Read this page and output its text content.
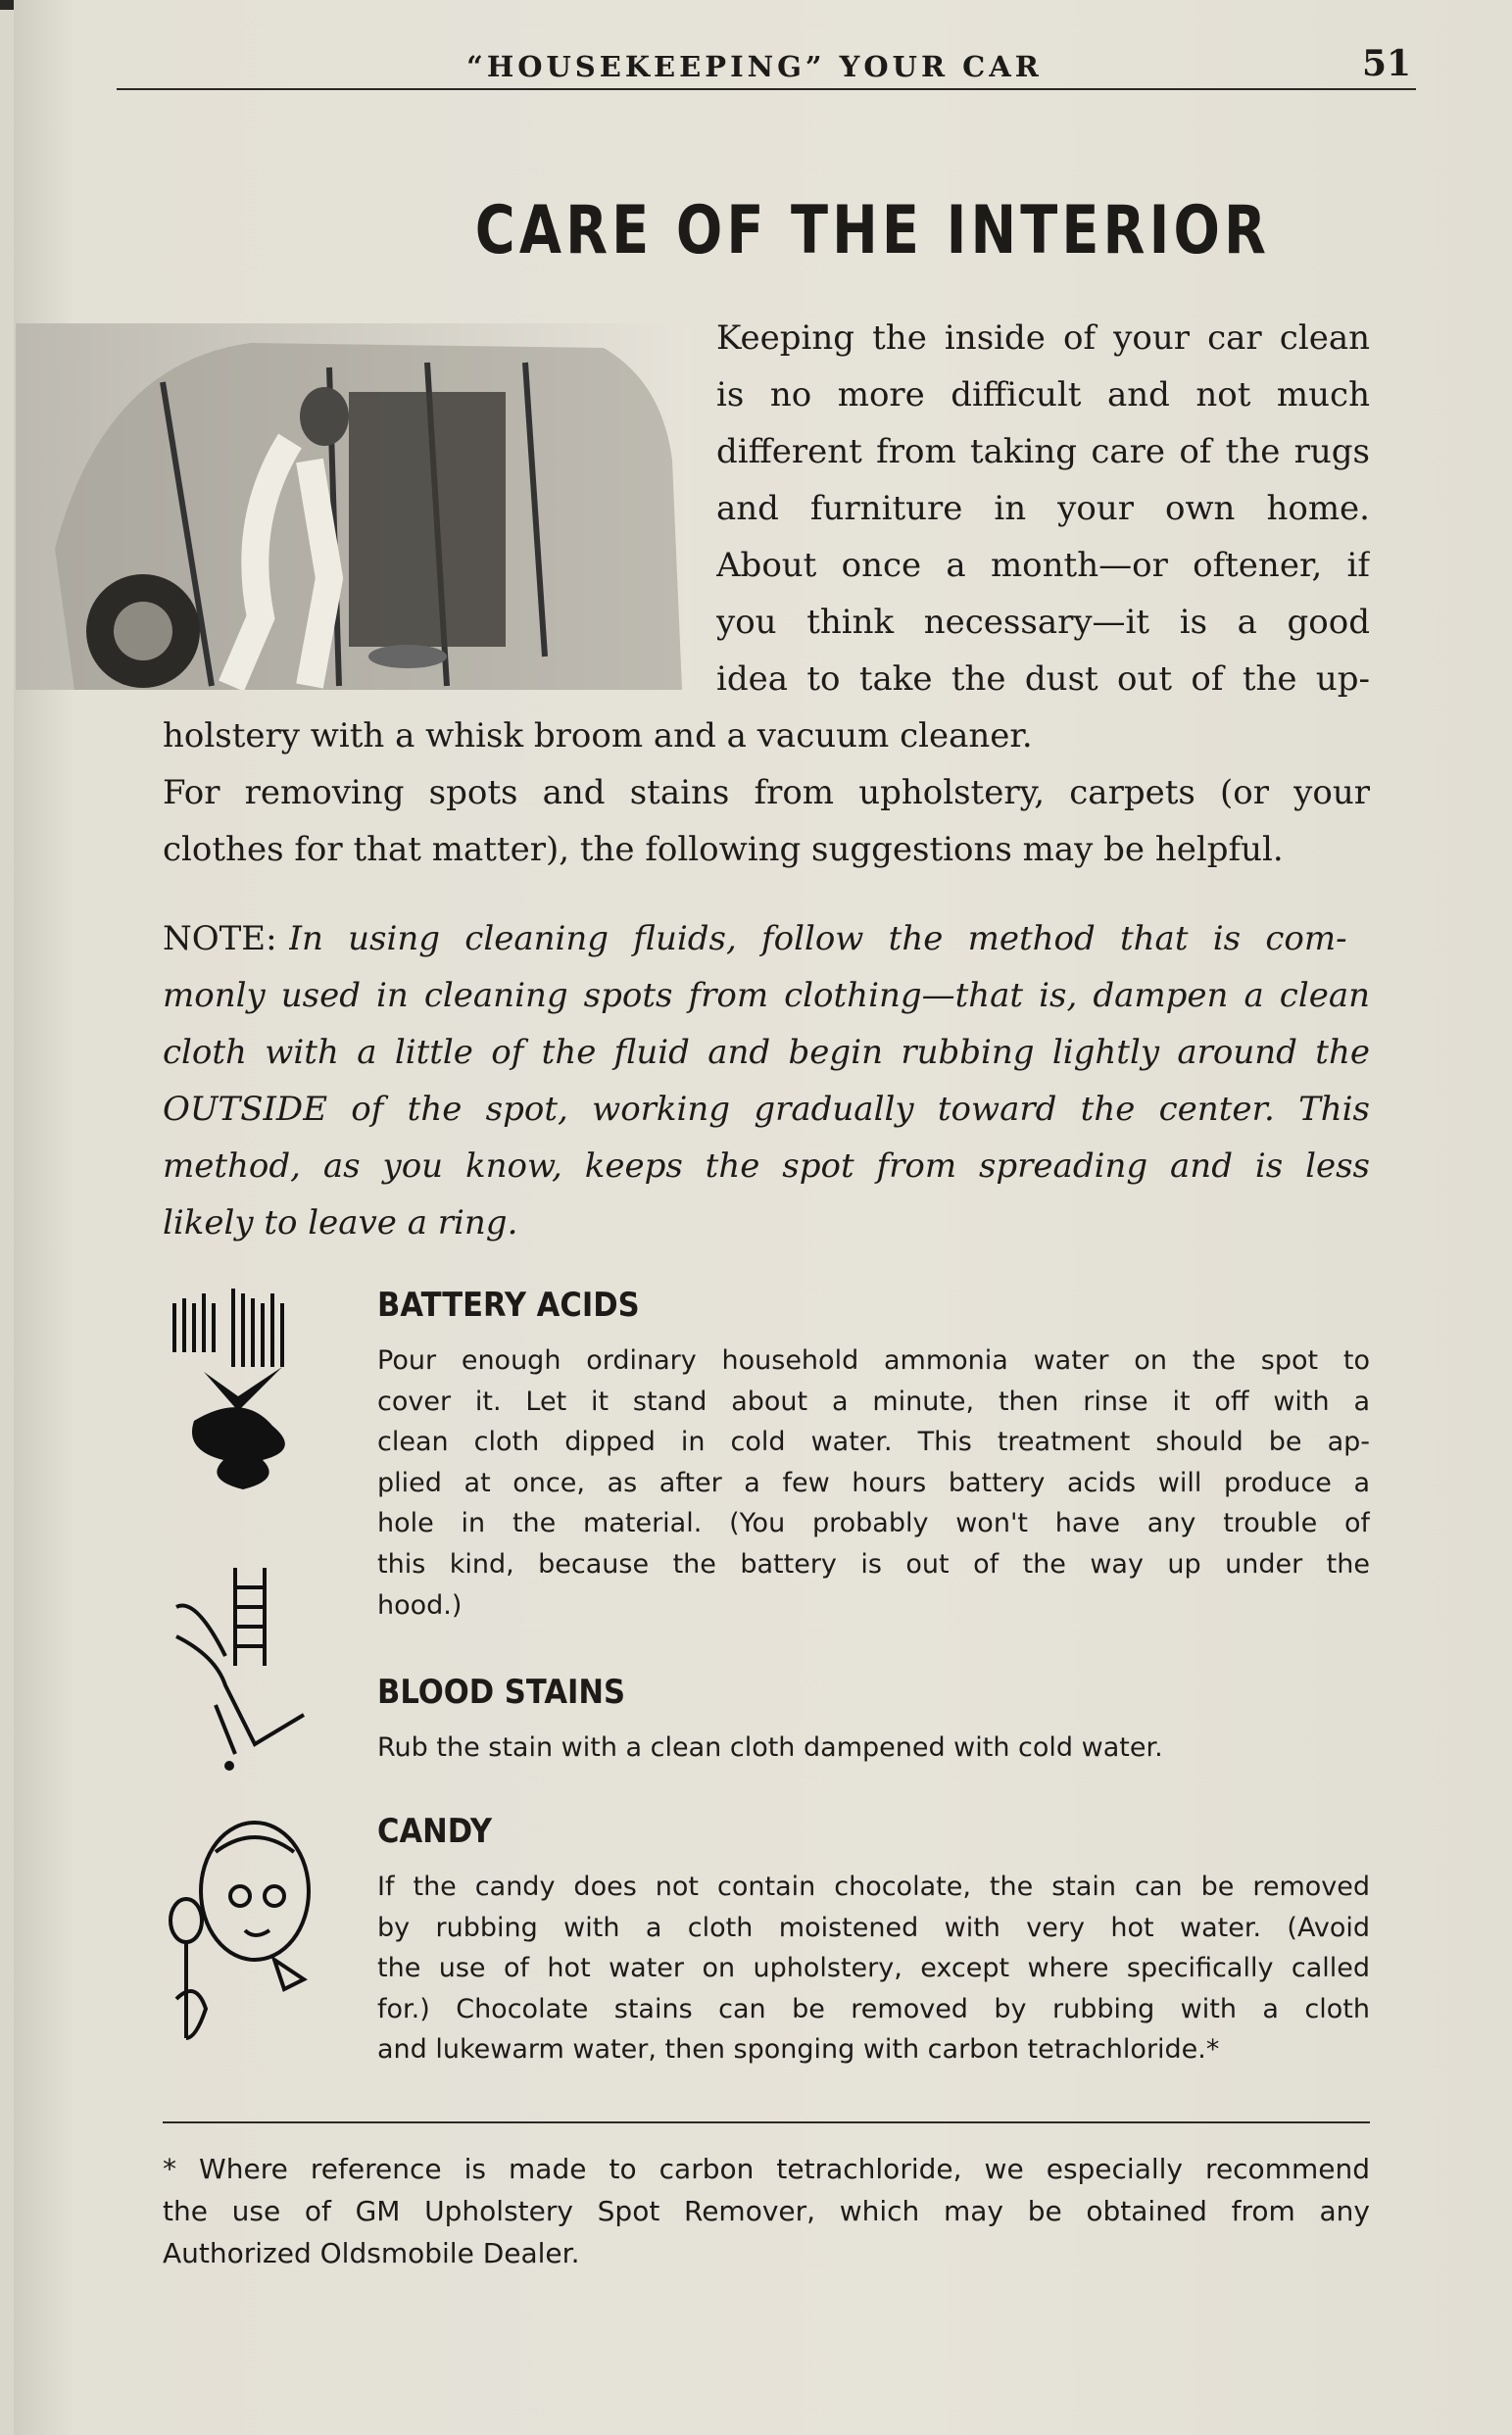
“HOUSEKEEPING” YOUR CAR	51
CARE OF THE INTERIOR
Keeping the inside of your car clean
is no more difficult and not much
different from taking care of the rugs
and furniture in your own home.
About once a month—or oftener, if
you think necessary—it is a good
idea to take the dust out of the up-
holstery with a whisk broom and a vacuum cleaner.
For removing spots and stains from upholstery, carpets (or your
clothes for that matter), the following suggestions may be helpful.
NOTE: In using cleaning fluids, follow the method that is com-
monly used in cleaning spots from clothing—that is, dampen a clean
cloth with a little of the fluid and begin rubbing lightly around the
OUTSIDE of the spot, working gradually toward the center. This
method, as you know, keeps the spot from spreading and is less
likely to leave a ring.
BATTERY ACIDS
Pour enough ordinary household ammonia water on the spot to
cover it. Let it stand about a minute, then rinse it off with a
clean cloth dipped in cold water. This treatment should be ap-
plied at once, as after a few hours battery acids will produce a
hole in the material. (You probably won't have any trouble of
this kind, because the battery is out of the way up under the
hood.)
BLOOD STAINS
Rub the stain with a clean cloth dampened with cold water.
CANDY
If the candy does not contain chocolate, the stain can be removed
by rubbing with a cloth moistened with very hot water. (Avoid
the use of hot water on upholstery, except where specifically called
for.) Chocolate stains can be removed by rubbing with a cloth
and lukewarm water, then sponging with carbon tetrachloride.*
* Where reference is made to carbon tetrachloride, we especially recommend
the use of GM Upholstery Spot Remover, which may be obtained from any
Authorized Oldsmobile Dealer.
